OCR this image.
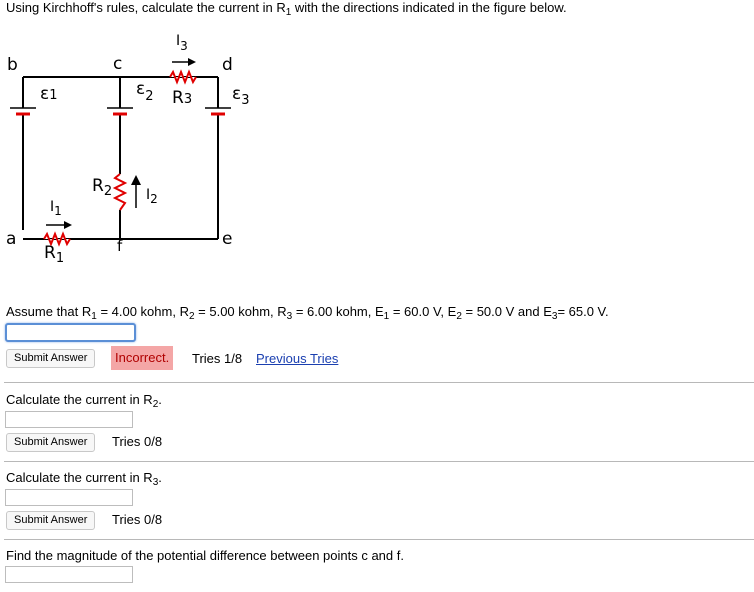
Using Kirchhoff's rules, calculate the current in $R_1$ with the directions indicated in the figure below.
b	c	d
a	f	e
ε1	$\varepsilon_2$	$\varepsilon_3$
R3
$R_2$
$R_1$
I3
I2
I1
Assume that $R_1 = 4.00$ kohm, $R_2 = 5.00$ kohm, $R_3 = 6.00$ kohm, $E_1 = 60.0$ V, $E_2 = 50.0$ V and $E_3= 65.0$ V.
Submit Answer	Incorrect.	Tries 1/8 Previous Tries
Calculate the current in $R_2$.
Submit Answer	Tries 0/8
Calculate the current in $R_3$.
Submit Answer	Tries 0/8
Find the magnitude of the potential difference between points c and f.
